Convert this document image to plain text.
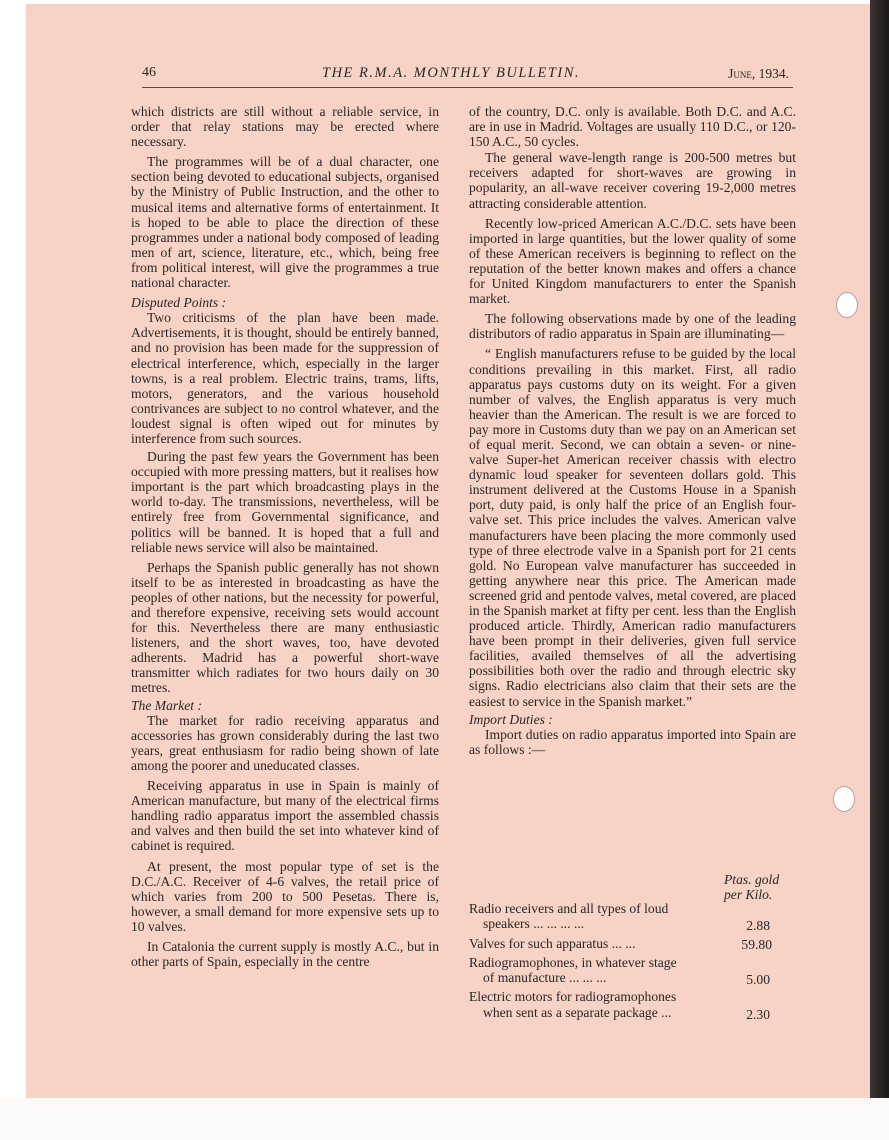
46	THE R.M.A. MONTHLY BULLETIN.	June, 1934.

which districts are still without a reliable service, in order that relay stations may be erected where necessary.

The programmes will be of a dual character, one section being devoted to educational subjects, organised by the Ministry of Public Instruction, and the other to musical items and alternative forms of entertainment. It is hoped to be able to place the direction of these programmes under a national body composed of leading men of art, science, literature, etc., which, being free from political interest, will give the programmes a true national character.

Disputed Points :

Two criticisms of the plan have been made. Advertisements, it is thought, should be entirely banned, and no provision has been made for the suppression of electrical interference, which, especially in the larger towns, is a real problem. Electric trains, trams, lifts, motors, generators, and the various household contrivances are subject to no control whatever, and the loudest signal is often wiped out for minutes by interference from such sources.

During the past few years the Government has been occupied with more pressing matters, but it realises how important is the part which broadcasting plays in the world to-day. The transmissions, nevertheless, will be entirely free from Governmental significance, and politics will be banned. It is hoped that a full and reliable news service will also be maintained.

Perhaps the Spanish public generally has not shown itself to be as interested in broadcasting as have the peoples of other nations, but the necessity for powerful, and therefore expensive, receiving sets would account for this. Nevertheless there are many enthusiastic listeners, and the short waves, too, have devoted adherents. Madrid has a powerful short-wave transmitter which radiates for two hours daily on 30 metres.

The Market :

The market for radio receiving apparatus and accessories has grown considerably during the last two years, great enthusiasm for radio being shown of late among the poorer and uneducated classes.

Receiving apparatus in use in Spain is mainly of American manufacture, but many of the electrical firms handling radio apparatus import the assembled chassis and valves and then build the set into whatever kind of cabinet is required.

At present, the most popular type of set is the D.C./A.C. Receiver of 4-6 valves, the retail price of which varies from 200 to 500 Pesetas. There is, however, a small demand for more expensive sets up to 10 valves.

In Catalonia the current supply is mostly A.C., but in other parts of Spain, especially in the centre

of the country, D.C. only is available. Both D.C. and A.C. are in use in Madrid. Voltages are usually 110 D.C., or 120-150 A.C., 50 cycles.

The general wave-length range is 200-500 metres but receivers adapted for short-waves are growing in popularity, an all-wave receiver covering 19-2,000 metres attracting considerable attention.

Recently low-priced American A.C./D.C. sets have been imported in large quantities, but the lower quality of some of these American receivers is beginning to reflect on the reputation of the better known makes and offers a chance for United Kingdom manufacturers to enter the Spanish market.

The following observations made by one of the leading distributors of radio apparatus in Spain are illuminating—

“ English manufacturers refuse to be guided by the local conditions prevailing in this market. First, all radio apparatus pays customs duty on its weight. For a given number of valves, the English apparatus is very much heavier than the American. The result is we are forced to pay more in Customs duty than we pay on an American set of equal merit. Second, we can obtain a seven- or nine-valve Super-het American receiver chassis with electro dynamic loud speaker for seventeen dollars gold. This instrument delivered at the Customs House in a Spanish port, duty paid, is only half the price of an English four-valve set. This price includes the valves. American valve manufacturers have been placing the more commonly used type of three electrode valve in a Spanish port for 21 cents gold. No European valve manufacturer has succeeded in getting anywhere near this price. The American made screened grid and pentode valves, metal covered, are placed in the Spanish market at fifty per cent. less than the English produced article. Thirdly, American radio manufacturers have been prompt in their deliveries, given full service facilities, availed themselves of all the advertising possibilities both over the radio and through electric sky signs. Radio electricians also claim that their sets are the easiest to service in the Spanish market.”

Import Duties :

Import duties on radio apparatus imported into Spain are as follows :—

Ptas. gold
per Kilo.
Radio receivers and all types of loud
speakers ... ... ... ...	2.88
Valves for such apparatus ... ...	59.80
Radiogramophones, in whatever stage
of manufacture ... ... ...	5.00
Electric motors for radiogramophones
when sent as a separate package ...	2.30
